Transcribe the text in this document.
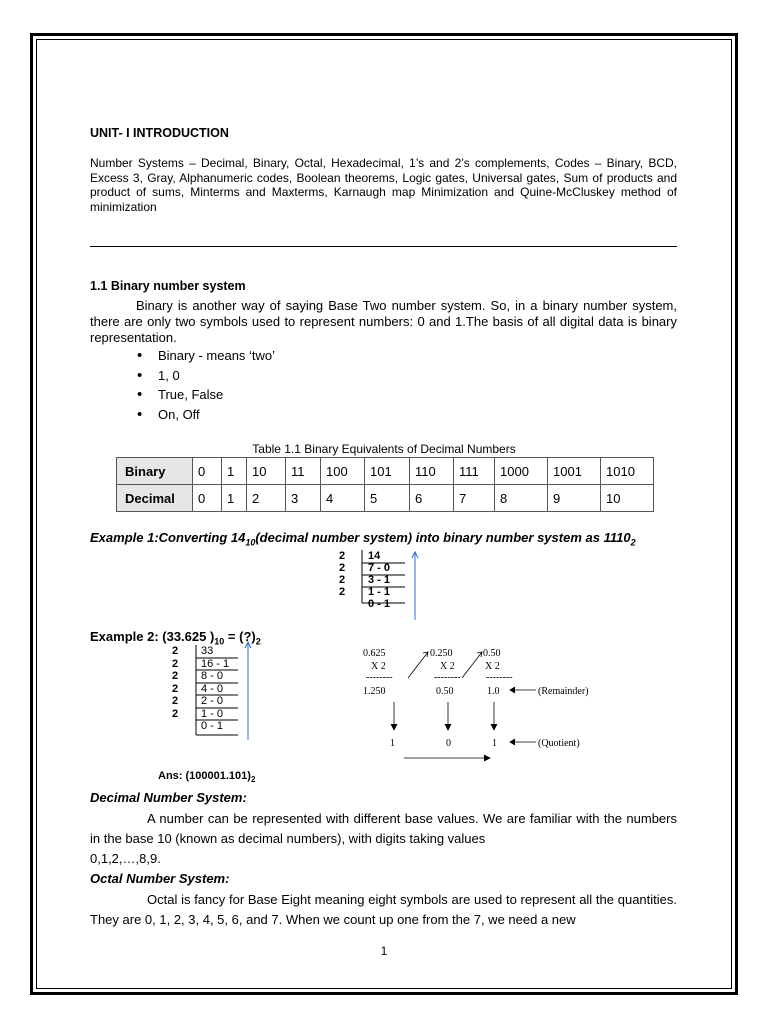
UNIT- I INTRODUCTION
Number Systems – Decimal, Binary, Octal, Hexadecimal, 1’s and 2’s complements, Codes – Binary, BCD, Excess 3, Gray, Alphanumeric codes, Boolean theorems, Logic gates, Universal gates, Sum of products and product of sums, Minterms and Maxterms, Karnaugh map Minimization and Quine-McCluskey method of minimization
1.1 Binary number system
Binary is another way of saying Base Two number system. So, in a binary number system, there are only two symbols used to represent numbers: 0 and 1.The basis of all digital data is binary representation.
• Binary - means ‘two’
• 1, 0
• True, False
• On, Off
Table 1.1 Binary Equivalents of Decimal Numbers
Binary	0	1	10	11	100	101	110	111	1000	1001	1010
Decimal	0	1	2	3	4	5	6	7	8	9	10
Example 1:Converting $14_{10}(decimal$ number system) into binary number system as $1110_2$
2
2
2
2
14
7 - 0
3 - 1
1 - 1
0 - 1
Example 2: (33.625 )$_{10}$ = $(?)_2$
2
2
2
2
2
2
33
16 - 1
8 - 0
4 - 0
2 - 0
1 - 0
0 - 1
0.625	0.250	0.50
X 2	X 2	X 2
--------	--------	--------
1.250	0.50	1.0	(Remainder)
1	0	1	(Quotient)
Ans: $(100001.101)_2$
Decimal Number System:
A number can be represented with different base values. We are familiar with the numbers in the base 10 (known as decimal numbers), with digits taking values
0,1,2,…,8,9.
Octal Number System:
Octal is fancy for Base Eight meaning eight symbols are used to represent all the quantities. They are 0, 1, 2, 3, 4, 5, 6, and 7. When we count up one from the 7, we need a new
1
